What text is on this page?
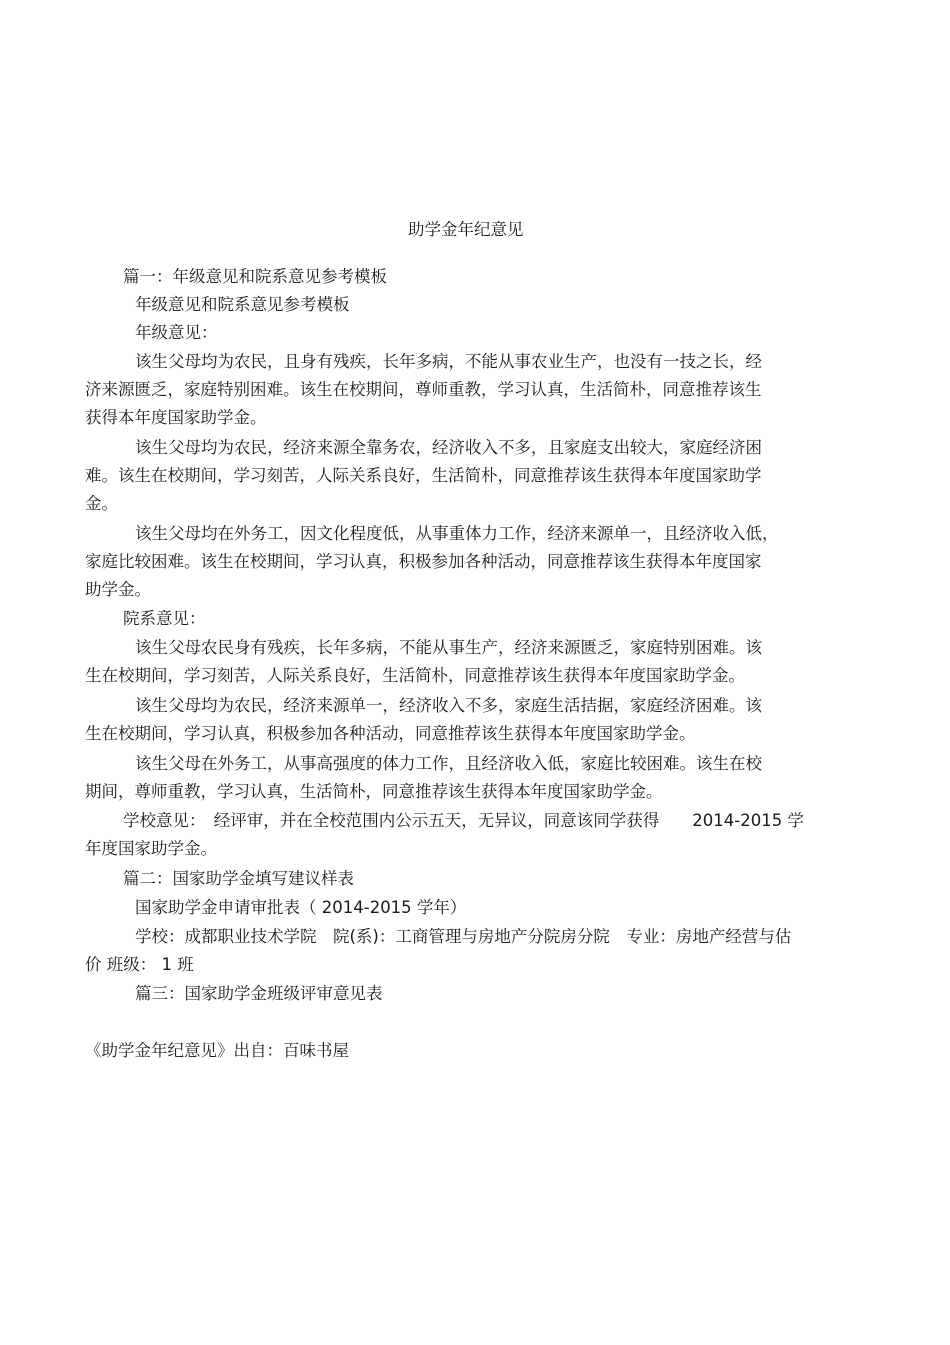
助学金年纪意见
篇一：年级意见和院系意见参考模板
年级意见和院系意见参考模板
年级意见：
该生父母均为农民，且身有残疾，长年多病，不能从事农业生产，也没有一技之长，经
济来源匮乏，家庭特别困难。该生在校期间，尊师重教，学习认真，生活简朴，同意推荐该生
获得本年度国家助学金。
该生父母均为农民，经济来源全靠务农，经济收入不多，且家庭支出较大，家庭经济困
难。该生在校期间，学习刻苦，人际关系良好，生活简朴，同意推荐该生获得本年度国家助学
金。
该生父母均在外务工，因文化程度低，从事重体力工作，经济来源单一，且经济收入低，
家庭比较困难。该生在校期间，学习认真，积极参加各种活动，同意推荐该生获得本年度国家
助学金。
院系意见：
该生父母农民身有残疾，长年多病，不能从事生产，经济来源匮乏，家庭特别困难。该
生在校期间，学习刻苦，人际关系良好，生活简朴，同意推荐该生获得本年度国家助学金。
该生父母均为农民，经济来源单一，经济收入不多，家庭生活拮据，家庭经济困难。该
生在校期间，学习认真，积极参加各种活动，同意推荐该生获得本年度国家助学金。
该生父母在外务工，从事高强度的体力工作，且经济收入低，家庭比较困难。该生在校
期间，尊师重教，学习认真，生活简朴，同意推荐该生获得本年度国家助学金。
学校意见：　经评审，并在全校范围内公示五天，无异议，同意该同学获得　　2014-2015 学
年度国家助学金。
篇二：国家助学金填写建议样表
国家助学金申请审批表（ 2014-2015 学年）
学校：成都职业技术学院　院(系)：工商管理与房地产分院房分院　专业：房地产经营与估
价 班级： 1 班
篇三：国家助学金班级评审意见表
《助学金年纪意见》出自：百味书屋
